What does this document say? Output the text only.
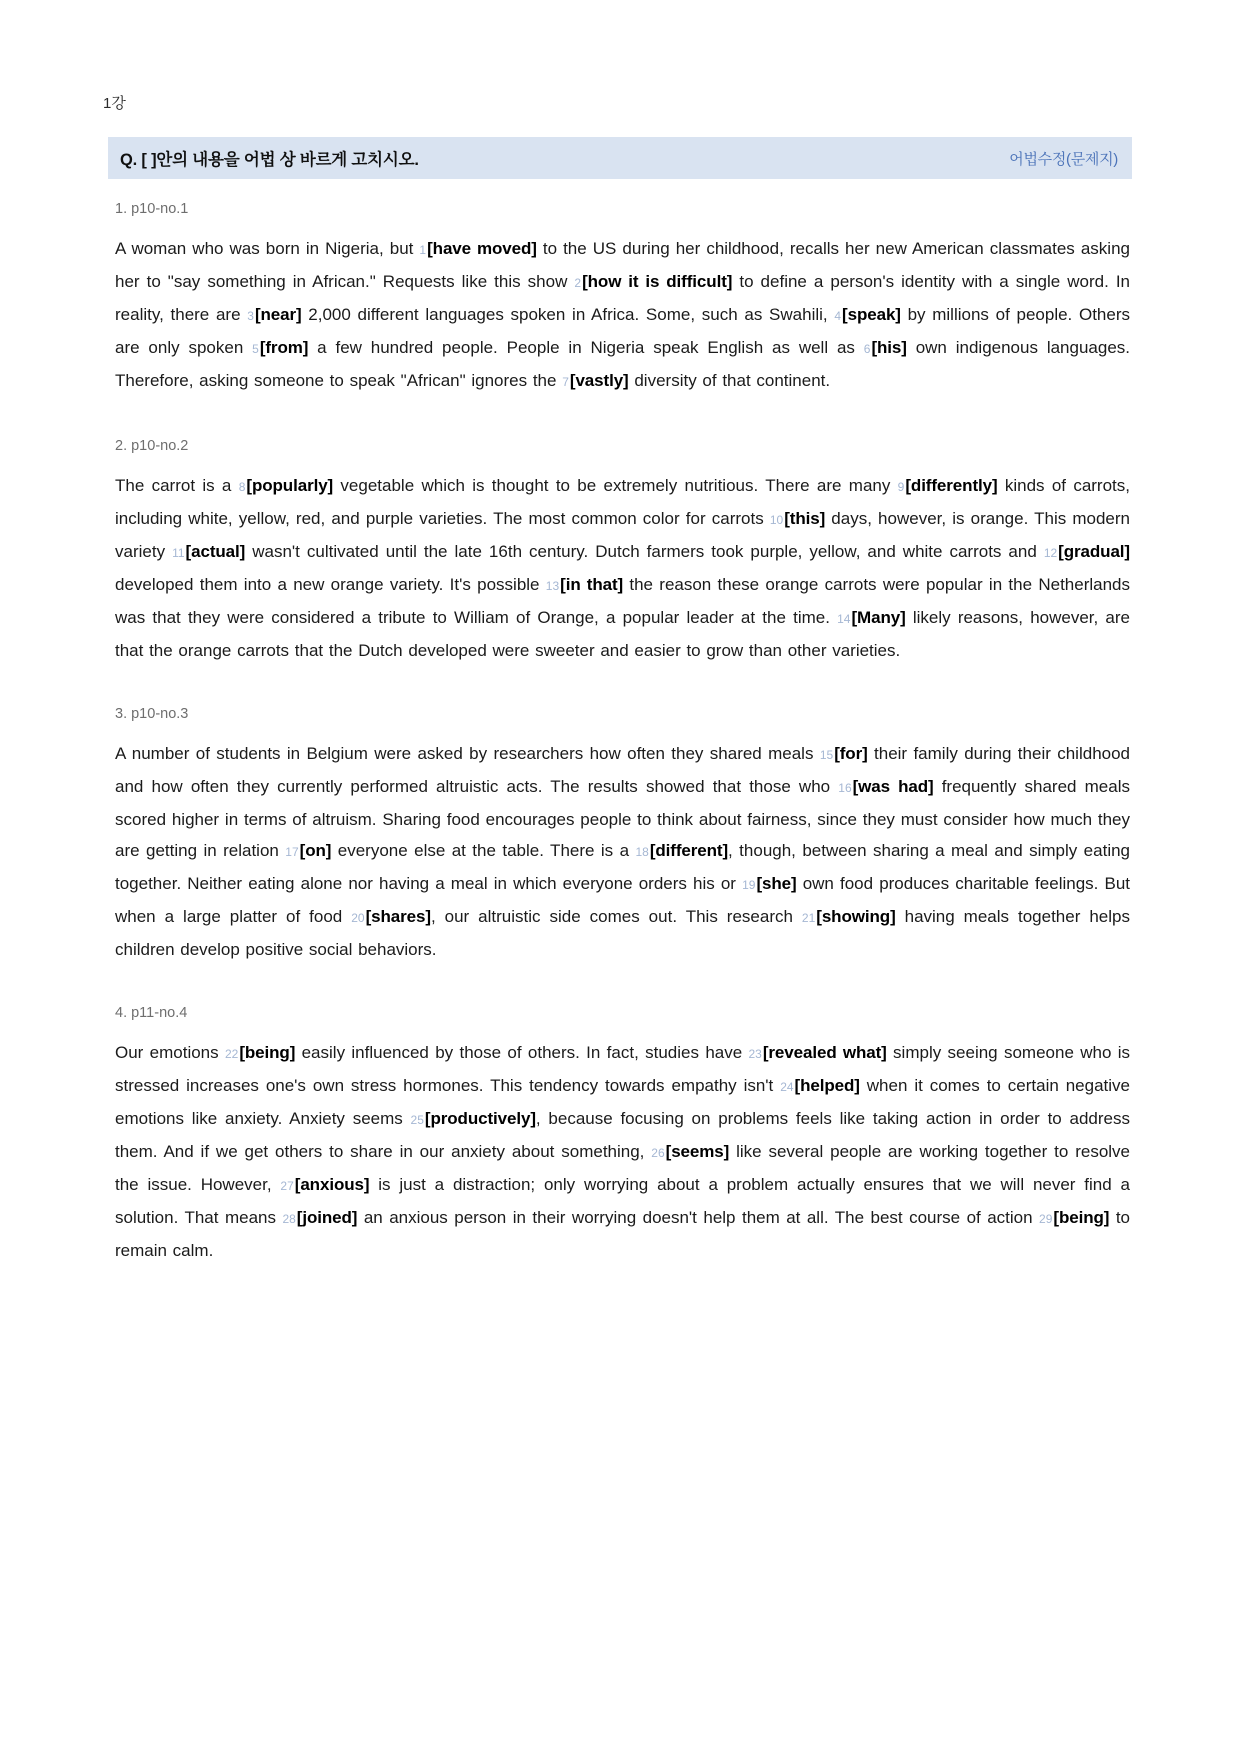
1강
Q. [ ]안의 내용을 어법 상 바르게 고치시오.	어법수정(문제지)
1. p10-no.1
A woman who was born in Nigeria, but 1[have moved] to the US during her childhood, recalls her new American classmates asking her to "say something in African." Requests like this show 2[how it is difficult] to define a person's identity with a single word. In reality, there are 3[near] 2,000 different languages spoken in Africa. Some, such as Swahili, 4[speak] by millions of people. Others are only spoken 5[from] a few hundred people. People in Nigeria speak English as well as 6[his] own indigenous languages. Therefore, asking someone to speak "African" ignores the 7[vastly] diversity of that continent.
2. p10-no.2
The carrot is a 8[popularly] vegetable which is thought to be extremely nutritious. There are many 9[differently] kinds of carrots, including white, yellow, red, and purple varieties. The most common color for carrots 10[this] days, however, is orange. This modern variety 11[actual] wasn't cultivated until the late 16th century. Dutch farmers took purple, yellow, and white carrots and 12[gradual] developed them into a new orange variety. It's possible 13[in that] the reason these orange carrots were popular in the Netherlands was that they were considered a tribute to William of Orange, a popular leader at the time. 14[Many] likely reasons, however, are that the orange carrots that the Dutch developed were sweeter and easier to grow than other varieties.
3. p10-no.3
A number of students in Belgium were asked by researchers how often they shared meals 15[for] their family during their childhood and how often they currently performed altruistic acts. The results showed that those who 16[was had] frequently shared meals scored higher in terms of altruism. Sharing food encourages people to think about fairness, since they must consider how much they are getting in relation 17[on] everyone else at the table. There is a 18[different], though, between sharing a meal and simply eating together. Neither eating alone nor having a meal in which everyone orders his or 19[she] own food produces charitable feelings. But when a large platter of food 20[shares], our altruistic side comes out. This research 21[showing] having meals together helps children develop positive social behaviors.
4. p11-no.4
Our emotions 22[being] easily influenced by those of others. In fact, studies have 23[revealed what] simply seeing someone who is stressed increases one's own stress hormones. This tendency towards empathy isn't 24[helped] when it comes to certain negative emotions like anxiety. Anxiety seems 25[productively], because focusing on problems feels like taking action in order to address them. And if we get others to share in our anxiety about something, 26[seems] like several people are working together to resolve the issue. However, 27[anxious] is just a distraction; only worrying about a problem actually ensures that we will never find a solution. That means 28[joined] an anxious person in their worrying doesn't help them at all. The best course of action 29[being] to remain calm.
